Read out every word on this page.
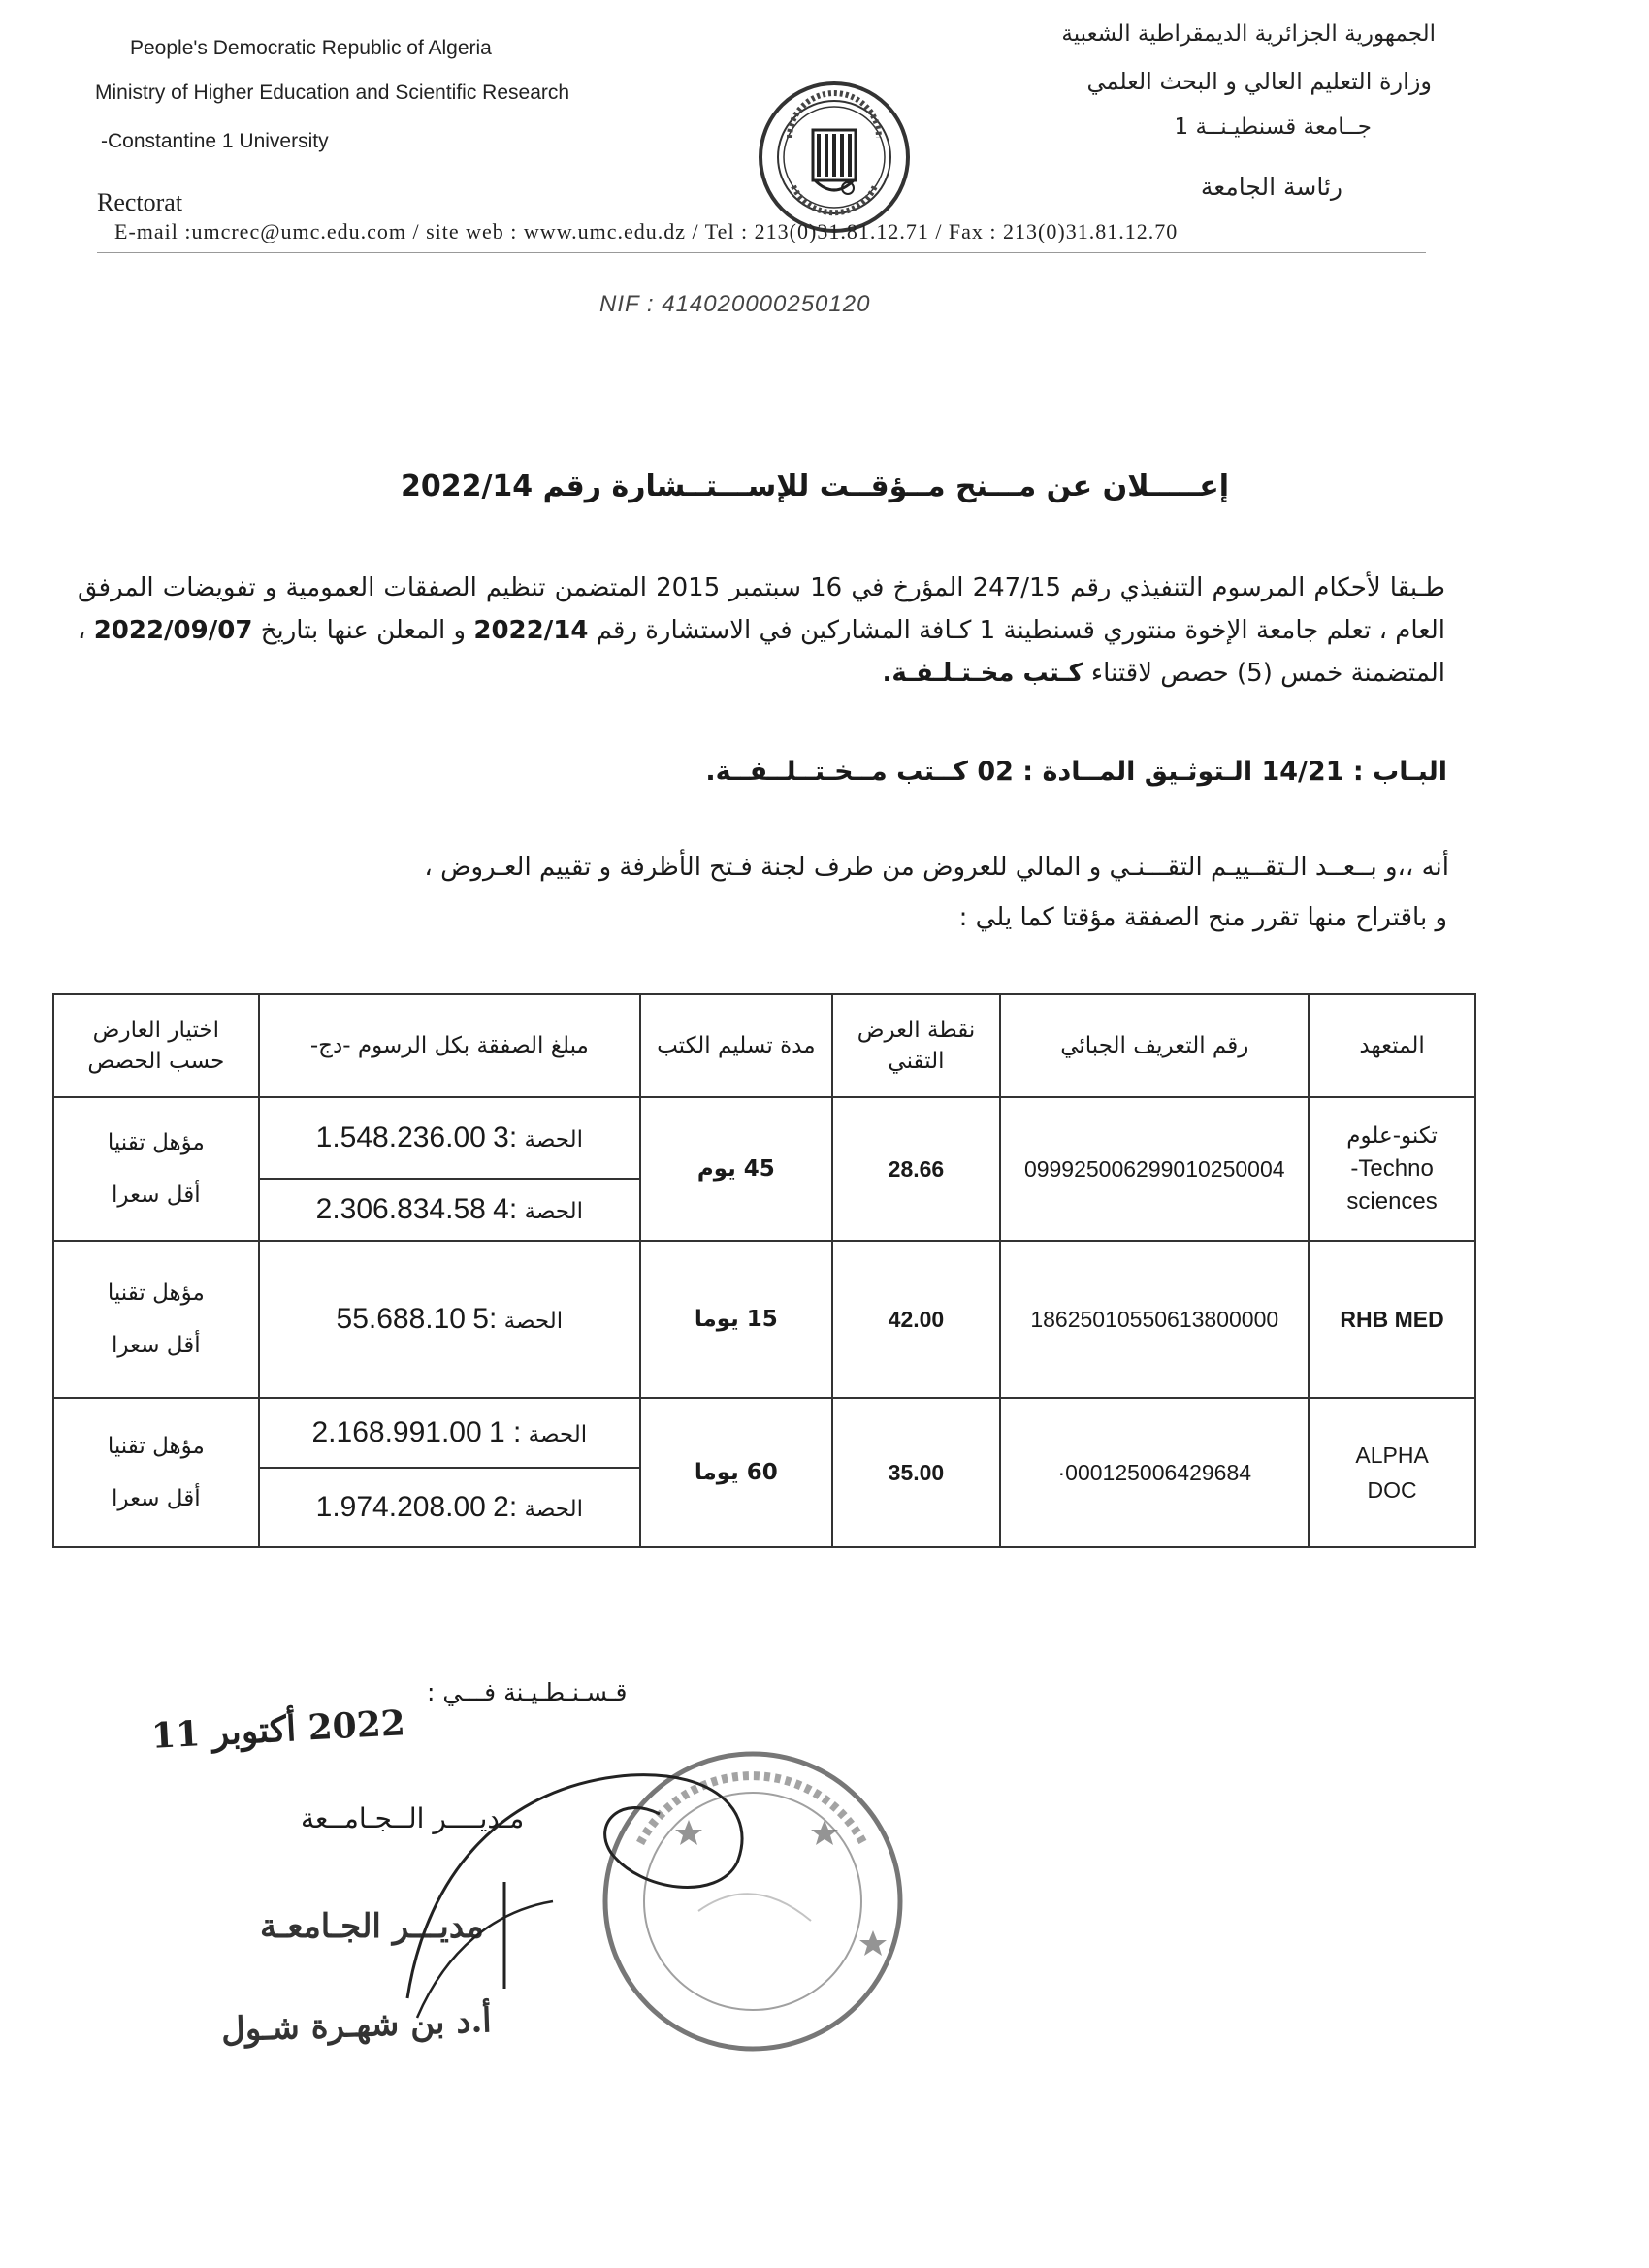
People's Democratic Republic of Algeria
Ministry of Higher Education and Scientific Research
-Constantine 1 University
Rectorat
الجمهورية الجزائرية الديمقراطية الشعبية
وزارة التعليم العالي و البحث العلمي
جــامعة قسنطيـنــة 1
رئاسة الجامعة
E-mail :umcrec@umc.edu.com / site web : www.umc.edu.dz / Tel : 213(0)31.81.12.71 / Fax : 213(0)31.81.12.70
NIF : 414020000250120
إعـــــلان عن مـــنح مــؤقــت للإســـتــشارة رقم 2022/14
طـبقا لأحكام المرسوم التنفيذي رقم 247/15 المؤرخ في 16 سبتمبر 2015 المتضمن تنظيم الصفقات العمومية و تفويضات المرفق العام ، تعلم جامعة الإخوة منتوري قسنطينة 1 كـافة المشاركين في الاستشارة رقم 2022/14 و المعلن عنها بتاريخ 2022/09/07 ، المتضمنة خمس (5) حصص لاقتناء كـتب مخـتـلـفـة.
البـاب : 14/21 الـتوثـيق المــادة : 02 كــتب مــخـتــلــفــة.
أنه ،،و بــعــد الـتقــييـم التقـــنـي و المالي للعروض من طرف لجنة فـتح الأظرفة و تقييم العـروض ،
و باقتراح منها تقرر منح الصفقة مؤقتا كما يلي :
المتعهد	رقم التعريف الجبائي	نقطة العرض
التقني	مدة تسليم الكتب	مبلغ الصفقة بكل الرسوم -دج-	اختيار العارض
حسب الحصص
تكنو-علوم
Techno-
sciences	099925006299010250004	28.66	45 يوم	الحصة 3: 1.548.236.00	مؤهل تقنيا
أقل سعرا
				الحصة 4: 2.306.834.58	
RHB MED	18625010550613800000	42.00	15 يوما	الحصة 5: 55.688.10	مؤهل تقنيا
أقل سعرا
ALPHA
DOC	000125006429684·	35.00	60 يوما	الحصة 1 : 2.168.991.00	مؤهل تقنيا
أقل سعرا
				الحصة 2: 1.974.208.00	
قـسـنـطـيـنة فـــي :
2022 أكتوبر 11
مـديــــر الــجـامــعة
مديـــر الجـامعـة
أ.د بن شهـرة شـول
